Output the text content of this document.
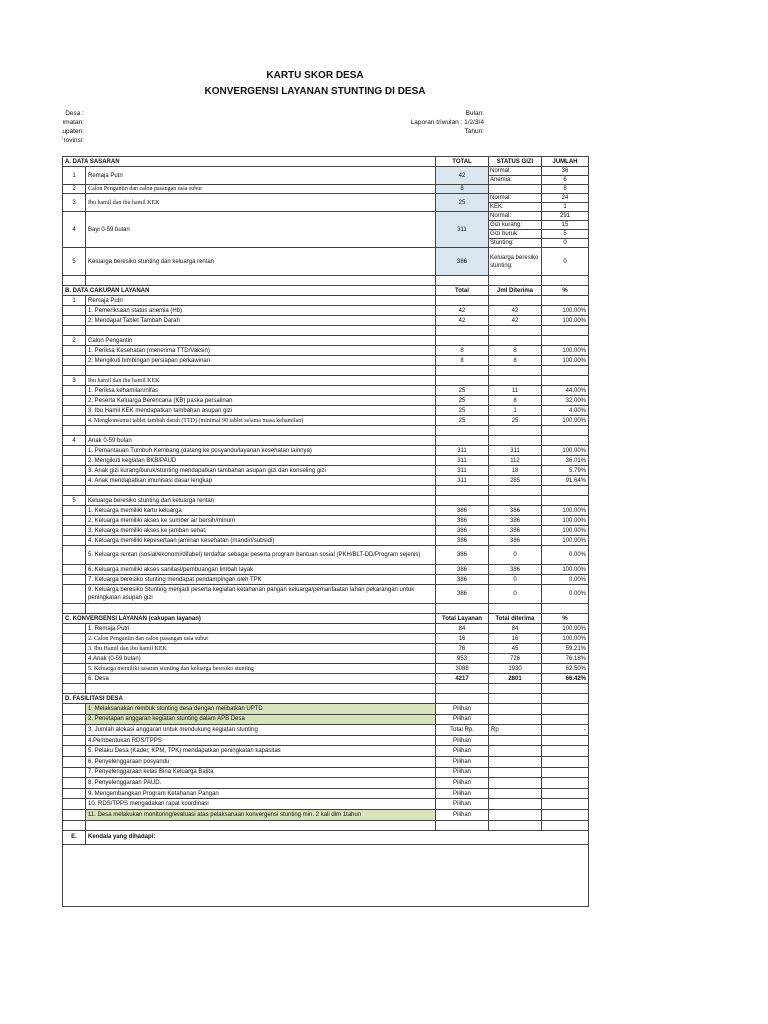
KARTU SKOR DESA
KONVERGENSI LAYANAN STUNTING DI DESA
Desa :
ımatan:
upaten:
ʼrovinsi:
Bulan:
Laporan triwulan : 1/2/3/4
Tahun:
A. DATA SASARAN		TOTAL	STATUS GIZI	JUMLAH
1	Remaja Putri	42	Normal:	36
			Anemia:	6
2	Calon Pengantin dan calon pasangan usia subur	8		8
3	Ibu hamil dan ibu hamil KEK	25	Normal:	24
			KEK:	1
4	Bayi 0-59 bulan	311	Normal:	291
			Gizi kurang:	15
			Gizi buruk:	5
			Stunting:	0
5	Keluarga beresiko stunting dan keluarga rentan	386	Keluarga beresiko stunting:	0

B. DATA CAKUPAN LAYANAN		Total	Jml Diterima	%
1	Remaja Putri			
	1. Pemeriksaan status anemia (Hb)	42	42	100.00%
	2. Mendapat Tablet Tambah Darah	42	42	100.00%

2	Calon Pengantin			
	1. Periksa Kesehatan (menerima TTD/Vaksin)	8	8	100.00%
	2. Mengikuti bimbingan persiapan perkawinan	8	8	100.00%

3	Ibu hamil dan ibu hamil KEK			
	1. Periksa kehamilan/nifas	25	11	44.00%
	2. Peserta Keluarga Berencana (KB) paska persalinan	25	8	32.00%
	3. Ibu Hamil KEK mendapatkan tambahan asupan gizi	25	1	4.00%
	4. Mengkonsumsi tablet tambah darah (TTD) (minimal 90 tablet selama masa kehamilan)	25	25	100.00%

4	Anak 0-59 bulan			
	1. Pemantauan Tumbuh Kembang (datang ke posyandu/layanan kesehatan lainnya)	311	311	100.00%
	2. Mengikuti kegiatan BKB/PAUD	311	112	36.01%
	3. Anak gizi kurang/buruk/stunting mendapatkan tambahan asupan gizi dan konseling gizi	311	18	5.79%
	4. Anak mendapatkan imunisasi dasar lengkap	311	285	91.64%

5	Keluarga beresiko stunting dan keluarga rentan			
	1. Keluarga memiliki kartu keluarga	386	386	100.00%
	2. Keluarga memiliki akses ke sumber air bersih/minum	386	386	100.00%
	3. Keluarga memiliki akses ke jamban sehat.	386	386	100.00%
	4. Keluarga memiliki kepesertaan jaminan kesehatan (mandiri/subsidi)	386	386	100.00%
	5. Keluarga rentan (sosial/ekonomi/difabel) terdaftar sebagai peserta program bantuan sosial (PKH/BLT-DD/Program sejenis)	386	0	0.00%
	6. Keluarga memiliki akses sanitasi/pembuangan limbah layak	386	386	100.00%
	7. Keluarga beresiko stunting mendapat pendampingan oleh TPK	386	0	0.00%
	9. Keluarga beresiko Stunting menjadi peserta kegiatan ketahanan pangan keluarga/pemanfaatan lahan pekarangan untuk peningkatan asupan gizi	386	0	0.00%

C. KONVERGENSI LAYANAN (cakupan layanan)		Total Layanan	Total diterima	%
	1. Remaja Putri	84	84	100.00%
	2. Calon Pengantin dan calon pasangan usia subur	16	16	100.00%
	3. Ibu Hamil dan ibu hamil KEK	76	45	59.21%
	4.Anak (0-59 bulan)	953	726	76.18%
	5. Keluarga memiliki sasaran stunting dan keluarga beresiko stunting	3088	1930	62.50%
	6. Desa	4217	2801	66.42%

D. FASILITASI DESA				
	1. Melaksanakan rembuk stunting desa dengan melibatkan UPTD	Pilihan		
	2. Penetapan anggaran kegiatan stunting dalam APB Desa	Pilihan		
	3. Jumlah alokasi anggaran untuk mendukung kegiatan stunting	Total Rp.	Rp	-
	4.Pembentukan RDS/TPPS	Pilihan		
	5. Pelaku Desa (Kader, KPM, TPK) mendapatkan peningkatan kapasitas	Pilihan		
	6. Penyelenggaraan posyandu	Pilihan		
	7. Penyelenggaraan kelas Bina Keluarga Balita	Pilihan		
	8. Penyelenggaraan PAUD.	Pilihan		
	9. Mengembangkan Program Ketahanan Pangan	Pilihan		
	10. RDS/TPPS mengadakan rapat koordinasi	Pilihan		
	11. Desa melakukan monitoring/evaluasi atas pelaksanaan konvergensi stunting min. 2 kali dlm 1tahun	Pilihan		

E.	Kendala yang dihadapi:			
